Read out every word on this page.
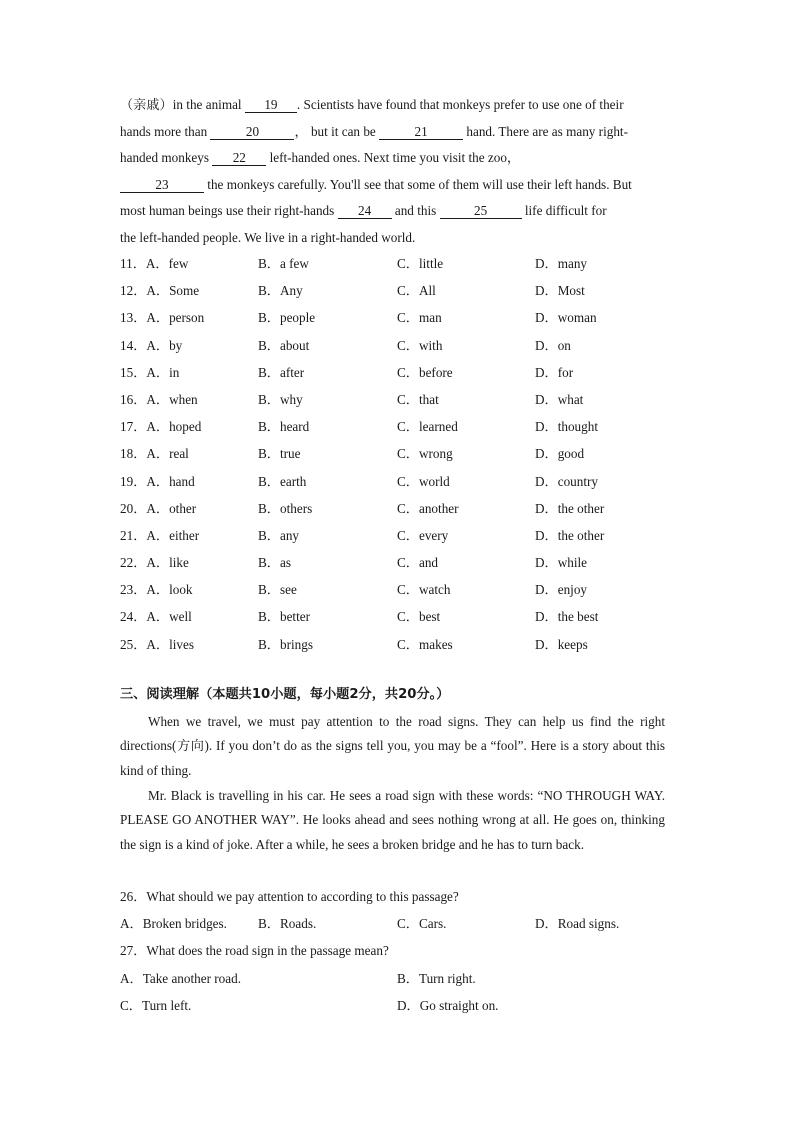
（亲戚）in the animal 19 . Scientists have found that monkeys prefer to use one of their
hands more than	20	， but it can be	21	hand. There are as many right-
handed monkeys 22 left-handed ones. Next time you visit the zoo，
23	the monkeys carefully. You'll see that some of them will use their left hands. But
most human beings use their right-hands 24 and this	25	life difficult for
the left-handed people. We live in a right-handed world.

11．A．few	B．a few	C．little	D．many
12．A．Some	B．Any	C．All	D．Most
13．A．person	B．people	C．man	D．woman
14．A．by	B．about	C．with	D．on
15．A．in	B．after	C．before	D．for
16．A．when	B．why	C．that	D．what
17．A．hoped	B．heard	C．learned	D．thought
18．A．real	B．true	C．wrong	D．good
19．A．hand	B．earth	C．world	D．country
20．A．other	B．others	C．another	D．the other
21．A．either	B．any	C．every	D．the other
22．A．like	B．as	C．and	D．while
23．A．look	B．see	C．watch	D．enjoy
24．A．well	B．better	C．best	D．the best
25．A．lives	B．brings	C．makes	D．keeps
三、阅读理解（本题共10小题，每小题2分，共20分。）

When we travel, we must pay attention to the road signs. They can help us find the right directions(方向). If you don’t do as the signs tell you, you may be a “fool”. Here is a story about this kind of thing.

Mr. Black is travelling in his car. He sees a road sign with these words: “NO THROUGH WAY. PLEASE GO ANOTHER WAY”. He looks ahead and sees nothing wrong at all. He goes on, thinking the sign is a kind of joke. After a while, he sees a broken bridge and he has to turn back.

26．What should we pay attention to according to this passage?
A．Broken bridges. B．Roads.	C．Cars.	D．Road signs.
27．What does the road sign in the passage mean?
A．Take another road.	B．Turn right.
C．Turn left.	D．Go straight on.
